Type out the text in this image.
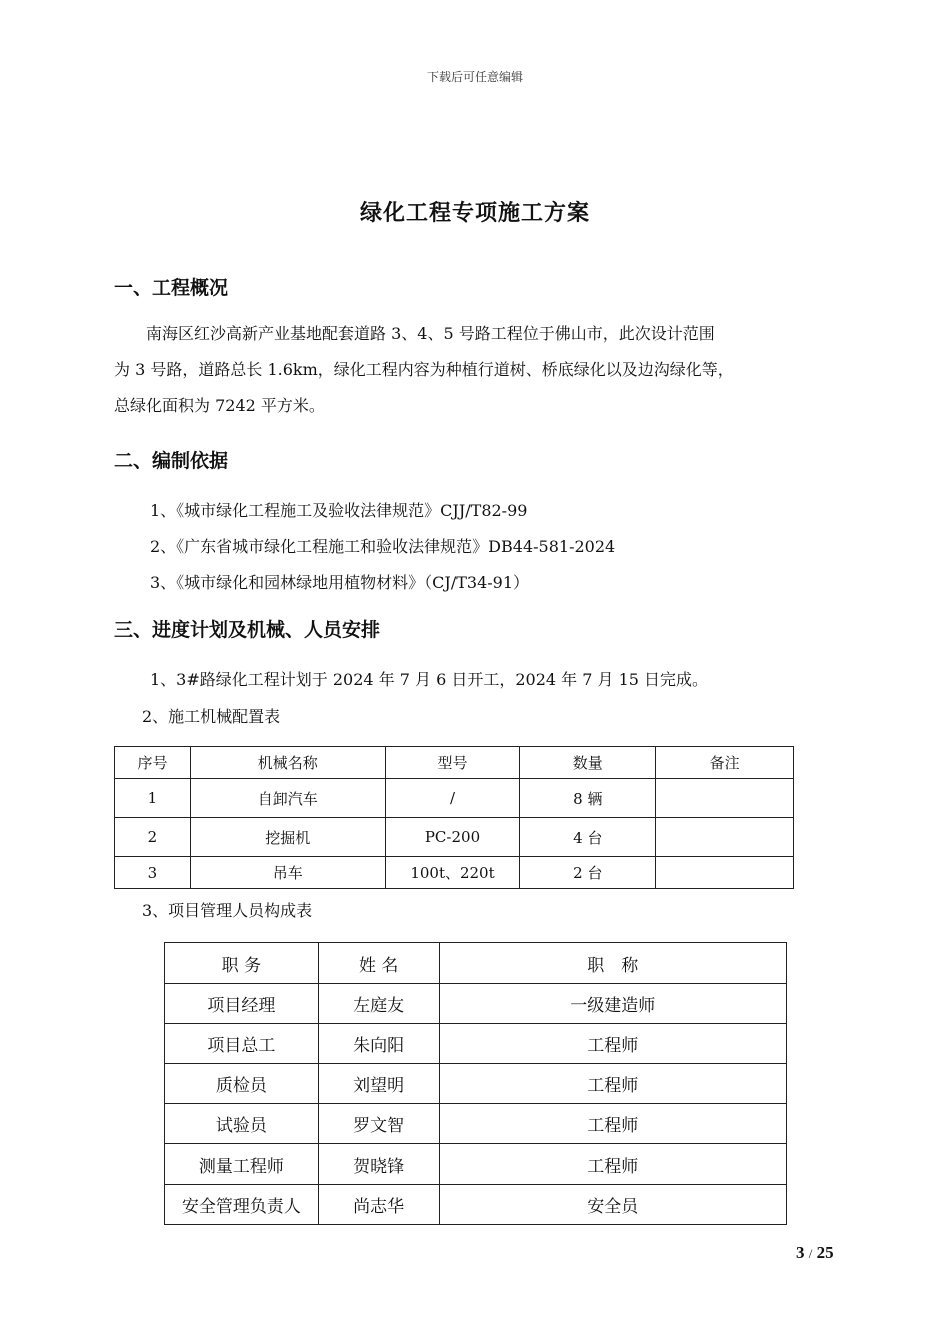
下载后可任意编辑
绿化工程专项施工方案
一、工程概况
南海区红沙高新产业基地配套道路 3、4、5 号路工程位于佛山市，此次设计范围
为 3 号路，道路总长 1.6km，绿化工程内容为种植行道树、桥底绿化以及边沟绿化等，
总绿化面积为 7242 平方米。
二、编制依据
1、《城市绿化工程施工及验收法律规范》CJJ/T82-99
2、《广东省城市绿化工程施工和验收法律规范》DB44-581-2024
3、《城市绿化和园林绿地用植物材料》（CJ/T34-91）
三、进度计划及机械、人员安排
1、3#路绿化工程计划于 2024 年 7 月 6 日开工，2024 年 7 月 15 日完成。
2、施工机械配置表
序号	机械名称	型号	数量	备注
1	自卸汽车	/	8 辆	
2	挖掘机	PC-200	4 台	
3	吊车	100t、220t	2 台	
3、项目管理人员构成表
职 务	姓 名	职　称
项目经理	左庭友	一级建造师
项目总工	朱向阳	工程师
质检员	刘望明	工程师
试验员	罗文智	工程师
测量工程师	贺晓锋	工程师
安全管理负责人	尚志华	安全员
3 / 25
